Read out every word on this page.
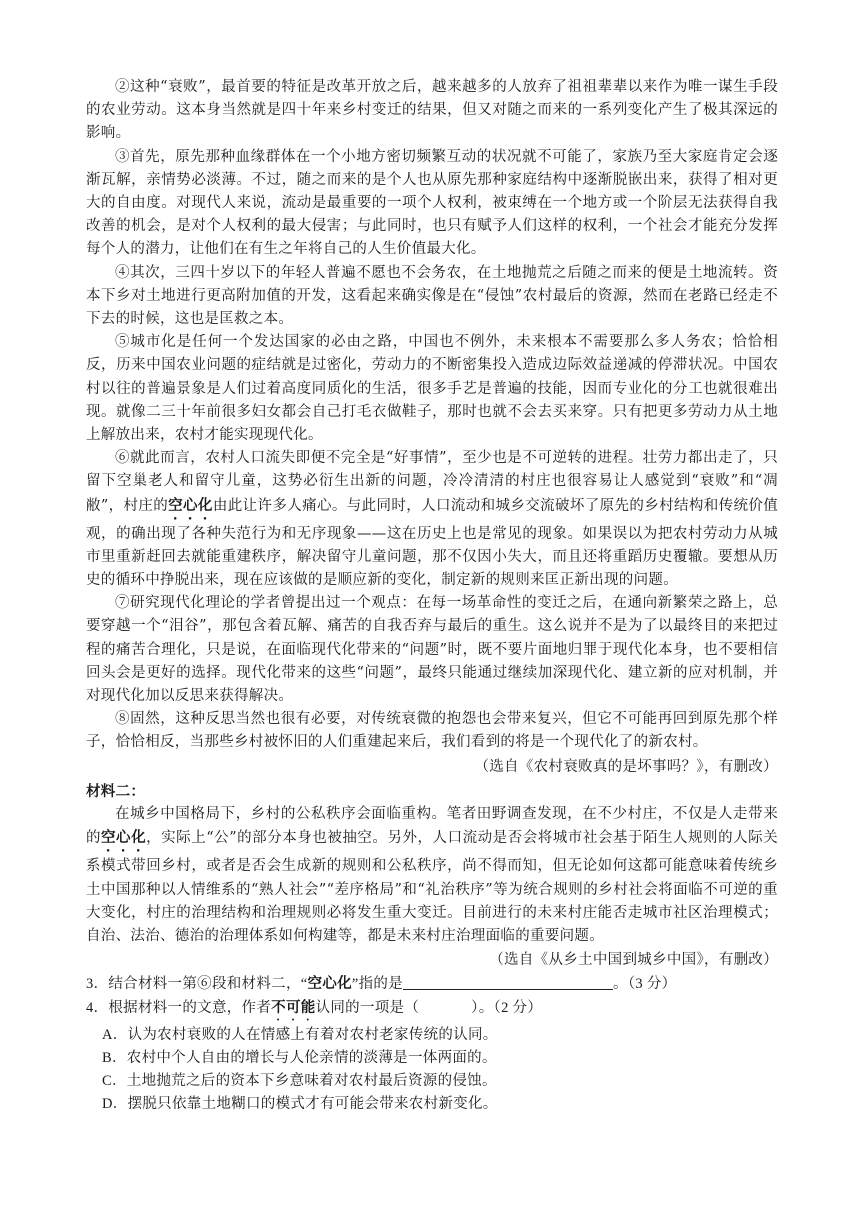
②这种“衰败”，最首要的特征是改革开放之后，越来越多的人放弃了祖祖辈辈以来作为唯一谋生手段的农业劳动。这本身当然就是四十年来乡村变迁的结果，但又对随之而来的一系列变化产生了极其深远的影响。

③首先，原先那种血缘群体在一个小地方密切频繁互动的状况就不可能了，家族乃至大家庭肯定会逐渐瓦解，亲情势必淡薄。不过，随之而来的是个人也从原先那种家庭结构中逐渐脱嵌出来，获得了相对更大的自由度。对现代人来说，流动是最重要的一项个人权利，被束缚在一个地方或一个阶层无法获得自我改善的机会，是对个人权利的最大侵害；与此同时，也只有赋予人们这样的权利，一个社会才能充分发挥每个人的潜力，让他们在有生之年将自己的人生价值最大化。

④其次，三四十岁以下的年轻人普遍不愿也不会务农，在土地抛荒之后随之而来的便是土地流转。资本下乡对土地进行更高附加值的开发，这看起来确实像是在“侵蚀”农村最后的资源，然而在老路已经走不下去的时候，这也是匡救之本。

⑤城市化是任何一个发达国家的必由之路，中国也不例外，未来根本不需要那么多人务农；恰恰相反，历来中国农业问题的症结就是过密化，劳动力的不断密集投入造成边际效益递减的停滞状况。中国农村以往的普遍景象是人们过着高度同质化的生活，很多手艺是普遍的技能，因而专业化的分工也就很难出现。就像二三十年前很多妇女都会自己打毛衣做鞋子，那时也就不会去买来穿。只有把更多劳动力从土地上解放出来，农村才能实现现代化。

⑥就此而言，农村人口流失即便不完全是“好事情”，至少也是不可逆转的进程。壮劳力都出走了，只留下空巢老人和留守儿童，这势必衍生出新的问题，冷冷清清的村庄也很容易让人感觉到“衰败”和“凋敝”，村庄的空心化由此让许多人痛心。与此同时，人口流动和城乡交流破坏了原先的乡村结构和传统价值观，的确出现了各种失范行为和无序现象——这在历史上也是常见的现象。如果误以为把农村劳动力从城市里重新赶回去就能重建秩序，解决留守儿童问题，那不仅因小失大，而且还将重蹈历史覆辙。要想从历史的循环中挣脱出来，现在应该做的是顺应新的变化，制定新的规则来匡正新出现的问题。

⑦研究现代化理论的学者曾提出过一个观点：在每一场革命性的变迁之后，在通向新繁荣之路上，总要穿越一个“泪谷”，那包含着瓦解、痛苦的自我否弃与最后的重生。这么说并不是为了以最终目的来把过程的痛苦合理化，只是说，在面临现代化带来的“问题”时，既不要片面地归罪于现代化本身，也不要相信回头会是更好的选择。现代化带来的这些“问题”，最终只能通过继续加深现代化、建立新的应对机制，并对现代化加以反思来获得解决。

⑧固然，这种反思当然也很有必要，对传统衰微的抱怨也会带来复兴，但它不可能再回到原先那个样子，恰恰相反，当那些乡村被怀旧的人们重建起来后，我们看到的将是一个现代化了的新农村。

（选自《农村衰败真的是坏事吗？》，有删改）

材料二：

在城乡中国格局下，乡村的公私秩序会面临重构。笔者田野调查发现，在不少村庄，不仅是人走带来的空心化，实际上“公”的部分本身也被抽空。另外，人口流动是否会将城市社会基于陌生人规则的人际关系模式带回乡村，或者是否会生成新的规则和公私秩序，尚不得而知，但无论如何这都可能意味着传统乡土中国那种以人情维系的“熟人社会”“差序格局”和“礼治秩序”等为统合规则的乡村社会将面临不可逆的重大变化，村庄的治理结构和治理规则必将发生重大变迁。目前进行的未来村庄能否走城市社区治理模式；自治、法治、德治的治理体系如何构建等，都是未来村庄治理面临的重要问题。

（选自《从乡土中国到城乡中国》，有删改）

3．结合材料一第⑥段和材料二，“空心化”指的是	。（3 分）

4．根据材料一的文意，作者不可能认同的一项是（	）。（2 分）

A．认为农村衰败的人在情感上有着对农村老家传统的认同。

B．农村中个人自由的增长与人伦亲情的淡薄是一体两面的。

C．土地抛荒之后的资本下乡意味着对农村最后资源的侵蚀。

D．摆脱只依靠土地糊口的模式才有可能会带来农村新变化。
